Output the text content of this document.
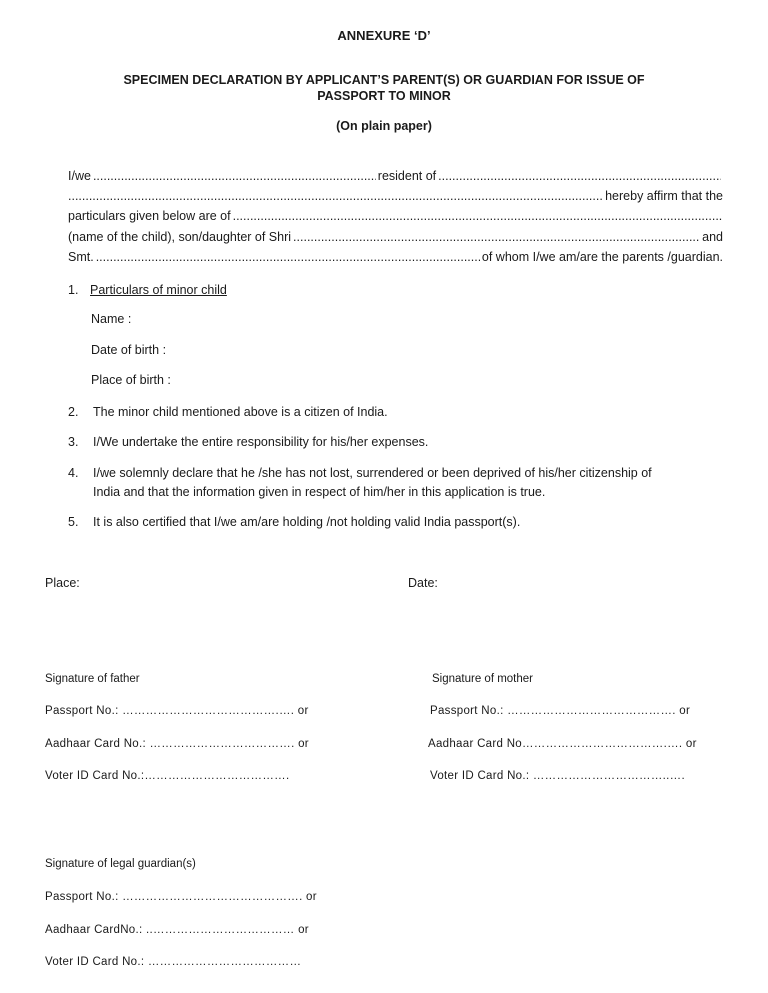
ANNEXURE ‘D’
SPECIMEN DECLARATION BY APPLICANT’S PARENT(S) OR GUARDIAN FOR ISSUE OF
PASSPORT TO MINOR
(On plain paper)
I/we .....	resident of
.....
.....
hereby affirm that the
particulars given below are of
.....
(name of the child), son/daughter of Shri .....	and
Smt. .....	of whom I/we am/are the parents /guardian.
1. Particulars of minor child
Name :
Date of birth :
Place of birth :
2. The minor child mentioned above is a citizen of India.
3. I/We undertake the entire responsibility for his/her expenses.
4. I/we solemnly declare that he /she has not lost, surrendered or been deprived of his/her citizenship of
India and that the information given in respect of him/her in this application is true.
5. It is also certified that I/we am/are holding /not holding valid India passport(s).
Place:	Date:
Signature of father
Passport No.: ………………………………….…. or
Aadhaar Card No.: ………………………………. or
Voter ID Card No.:……………………………….
Signature of mother
Passport No.: ……………………………………. or
Aadhaar Card No……………………………….…. or
Voter ID Card No.: ……………………………..….
Signature of legal guardian(s)
Passport No.: ………………………………………. or
Aadhaar CardNo.: ..……………………………… or
Voter ID Card No.: …………………………………
